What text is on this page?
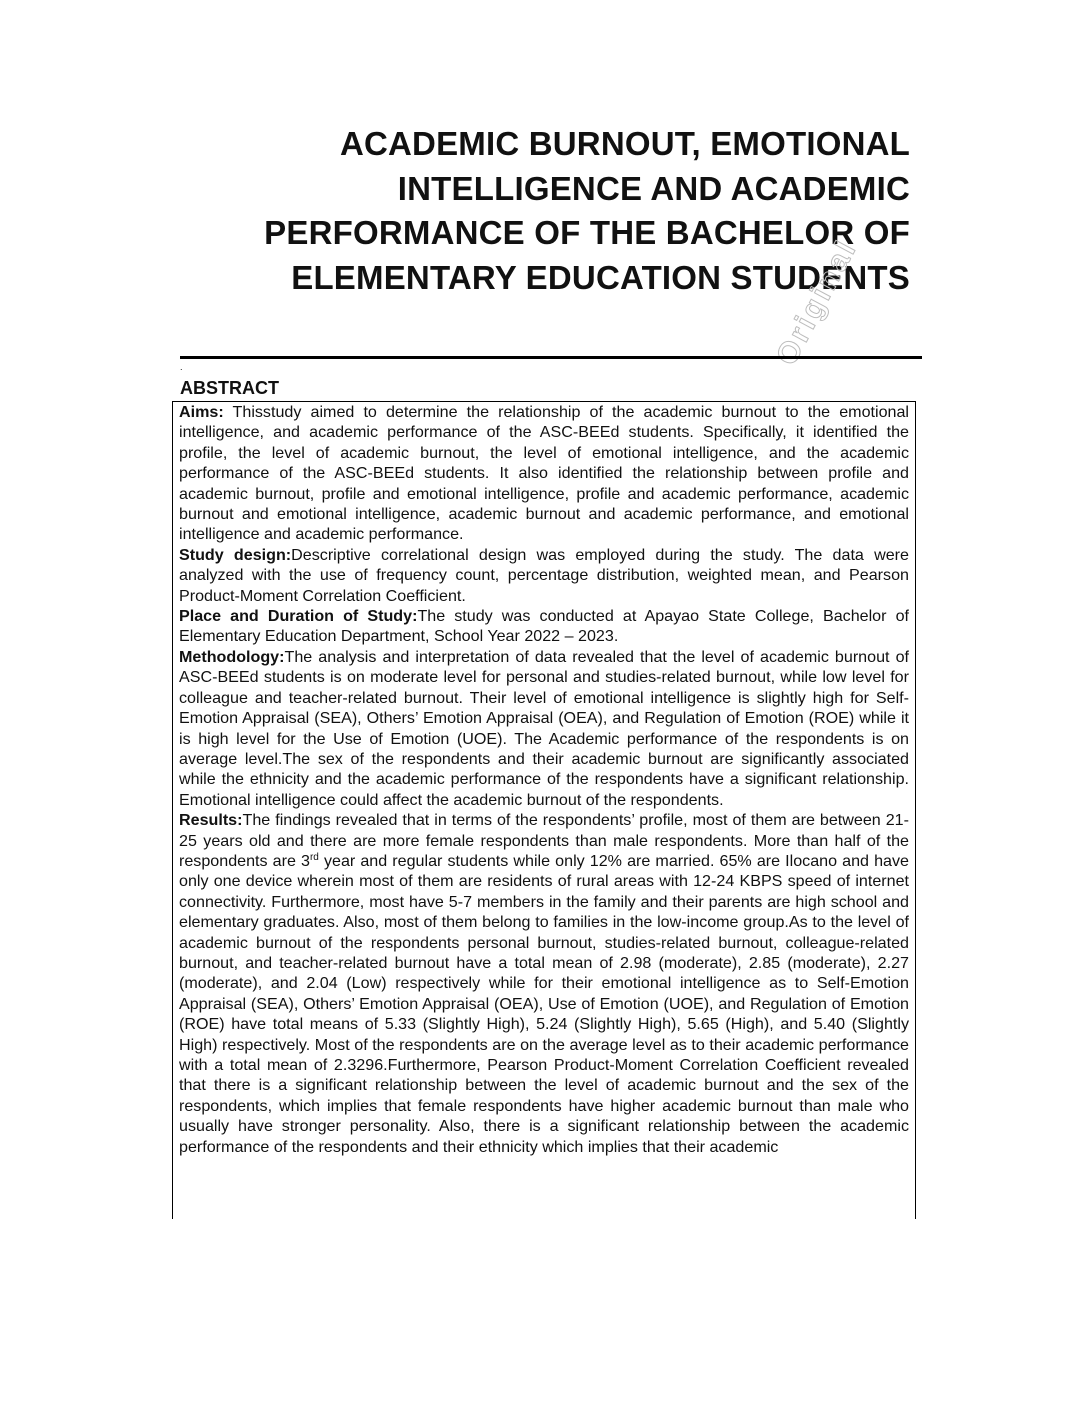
ACADEMIC BURNOUT, EMOTIONAL
INTELLIGENCE AND ACADEMIC
PERFORMANCE OF THE BACHELOR OF
ELEMENTARY EDUCATION STUDENTS
Original
.
ABSTRACT

Aims: Thisstudy aimed to determine the relationship of the academic burnout to the emotional intelligence, and academic performance of the ASC-BEEd students. Specifically, it identified the profile, the level of academic burnout, the level of emotional intelligence, and the academic performance of the ASC-BEEd students. It also identified the relationship between profile and academic burnout, profile and emotional intelligence, profile and academic performance, academic burnout and emotional intelligence, academic burnout and academic performance, and emotional intelligence and academic performance.

Study design:Descriptive correlational design was employed during the study. The data were analyzed with the use of frequency count, percentage distribution, weighted mean, and Pearson Product-Moment Correlation Coefficient.

Place and Duration of Study:The study was conducted at Apayao State College, Bachelor of Elementary Education Department, School Year 2022 – 2023.

Methodology:The analysis and interpretation of data revealed that the level of academic burnout of ASC-BEEd students is on moderate level for personal and studies-related burnout, while low level for colleague and teacher-related burnout. Their level of emotional intelligence is slightly high for Self-Emotion Appraisal (SEA), Others’ Emotion Appraisal (OEA), and Regulation of Emotion (ROE) while it is high level for the Use of Emotion (UOE). The Academic performance of the respondents is on average level.The sex of the respondents and their academic burnout are significantly associated while the ethnicity and the academic performance of the respondents have a significant relationship. Emotional intelligence could affect the academic burnout of the respondents.

Results:The findings revealed that in terms of the respondents’ profile, most of them are between 21-25 years old and there are more female respondents than male respondents. More than half of the respondents are 3rd year and regular students while only 12% are married. 65% are Ilocano and have only one device wherein most of them are residents of rural areas with 12-24 KBPS speed of internet connectivity. Furthermore, most have 5-7 members in the family and their parents are high school and elementary graduates. Also, most of them belong to families in the low-income group.As to the level of academic burnout of the respondents personal burnout, studies-related burnout, colleague-related burnout, and teacher-related burnout have a total mean of 2.98 (moderate), 2.85 (moderate), 2.27 (moderate), and 2.04 (Low) respectively while for their emotional intelligence as to Self-Emotion Appraisal (SEA), Others’ Emotion Appraisal (OEA), Use of Emotion (UOE), and Regulation of Emotion (ROE) have total means of 5.33 (Slightly High), 5.24 (Slightly High), 5.65 (High), and 5.40 (Slightly High) respectively. Most of the respondents are on the average level as to their academic performance with a total mean of 2.3296.Furthermore, Pearson Product-Moment Correlation Coefficient revealed that there is a significant relationship between the level of academic burnout and the sex of the respondents, which implies that female respondents have higher academic burnout than male who usually have stronger personality. Also, there is a significant relationship between the academic performance of the respondents and their ethnicity which implies that their academic
